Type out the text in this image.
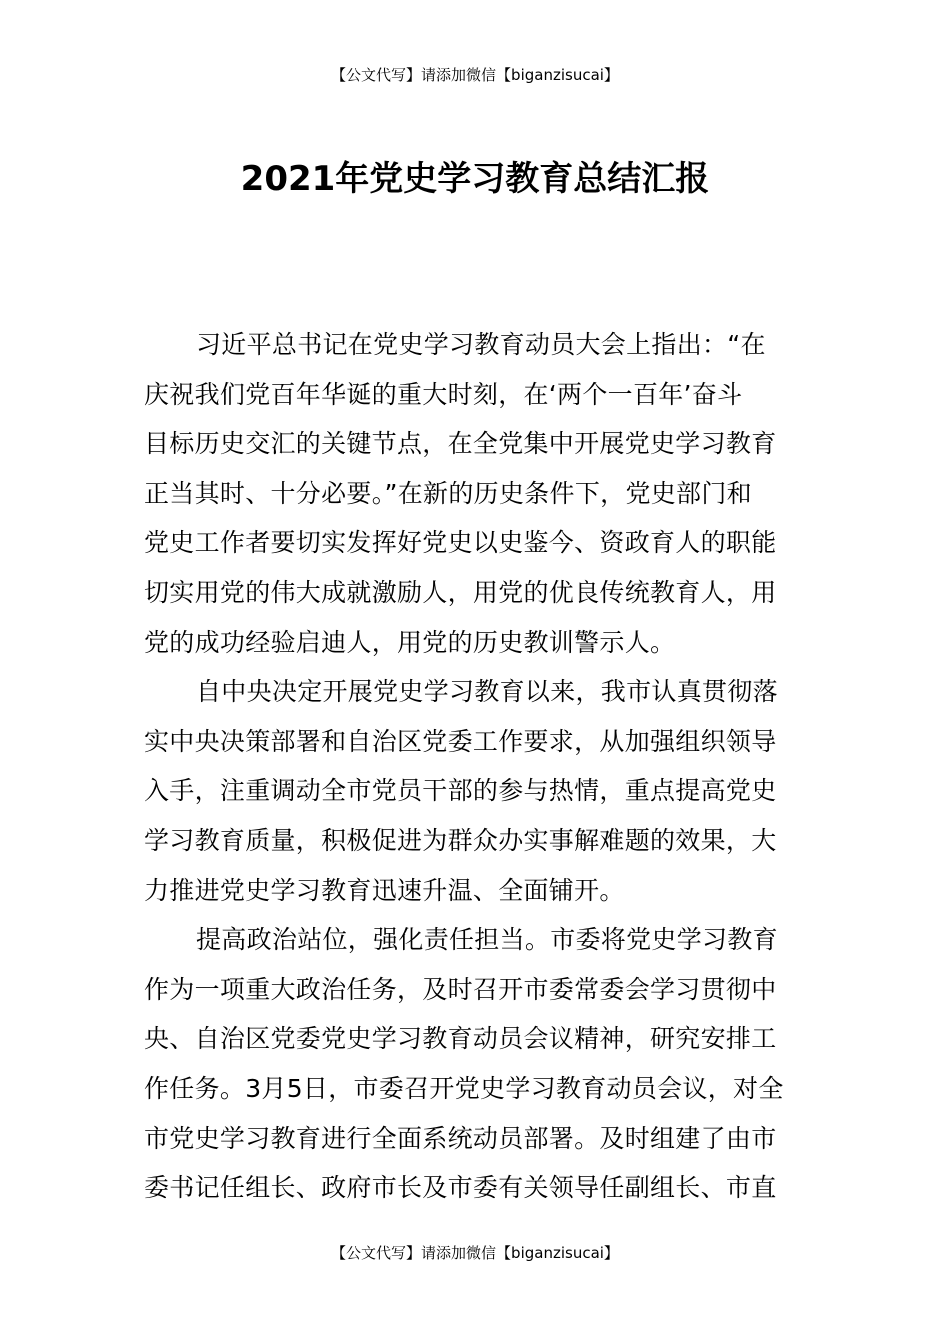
【公文代写】请添加微信【biganzisucai】
2021年党史学习教育总结汇报

习近平总书记在党史学习教育动员大会上指出：“在
庆祝我们党百年华诞的重大时刻，在‘两个一百年’奋斗
目标历史交汇的关键节点，在全党集中开展党史学习教育
正当其时、十分必要。”在新的历史条件下，党史部门和
党史工作者要切实发挥好党史以史鉴今、资政育人的职能
切实用党的伟大成就激励人，用党的优良传统教育人，用
党的成功经验启迪人，用党的历史教训警示人。

自中央决定开展党史学习教育以来，我市认真贯彻落
实中央决策部署和自治区党委工作要求，从加强组织领导
入手，注重调动全市党员干部的参与热情，重点提高党史
学习教育质量，积极促进为群众办实事解难题的效果，大
力推进党史学习教育迅速升温、全面铺开。

提高政治站位，强化责任担当。市委将党史学习教育
作为一项重大政治任务，及时召开市委常委会学习贯彻中
央、自治区党委党史学习教育动员会议精神，研究安排工
作任务。3月5日，市委召开党史学习教育动员会议，对全
市党史学习教育进行全面系统动员部署。及时组建了由市
委书记任组长、政府市长及市委有关领导任副组长、市直

【公文代写】请添加微信【biganzisucai】
